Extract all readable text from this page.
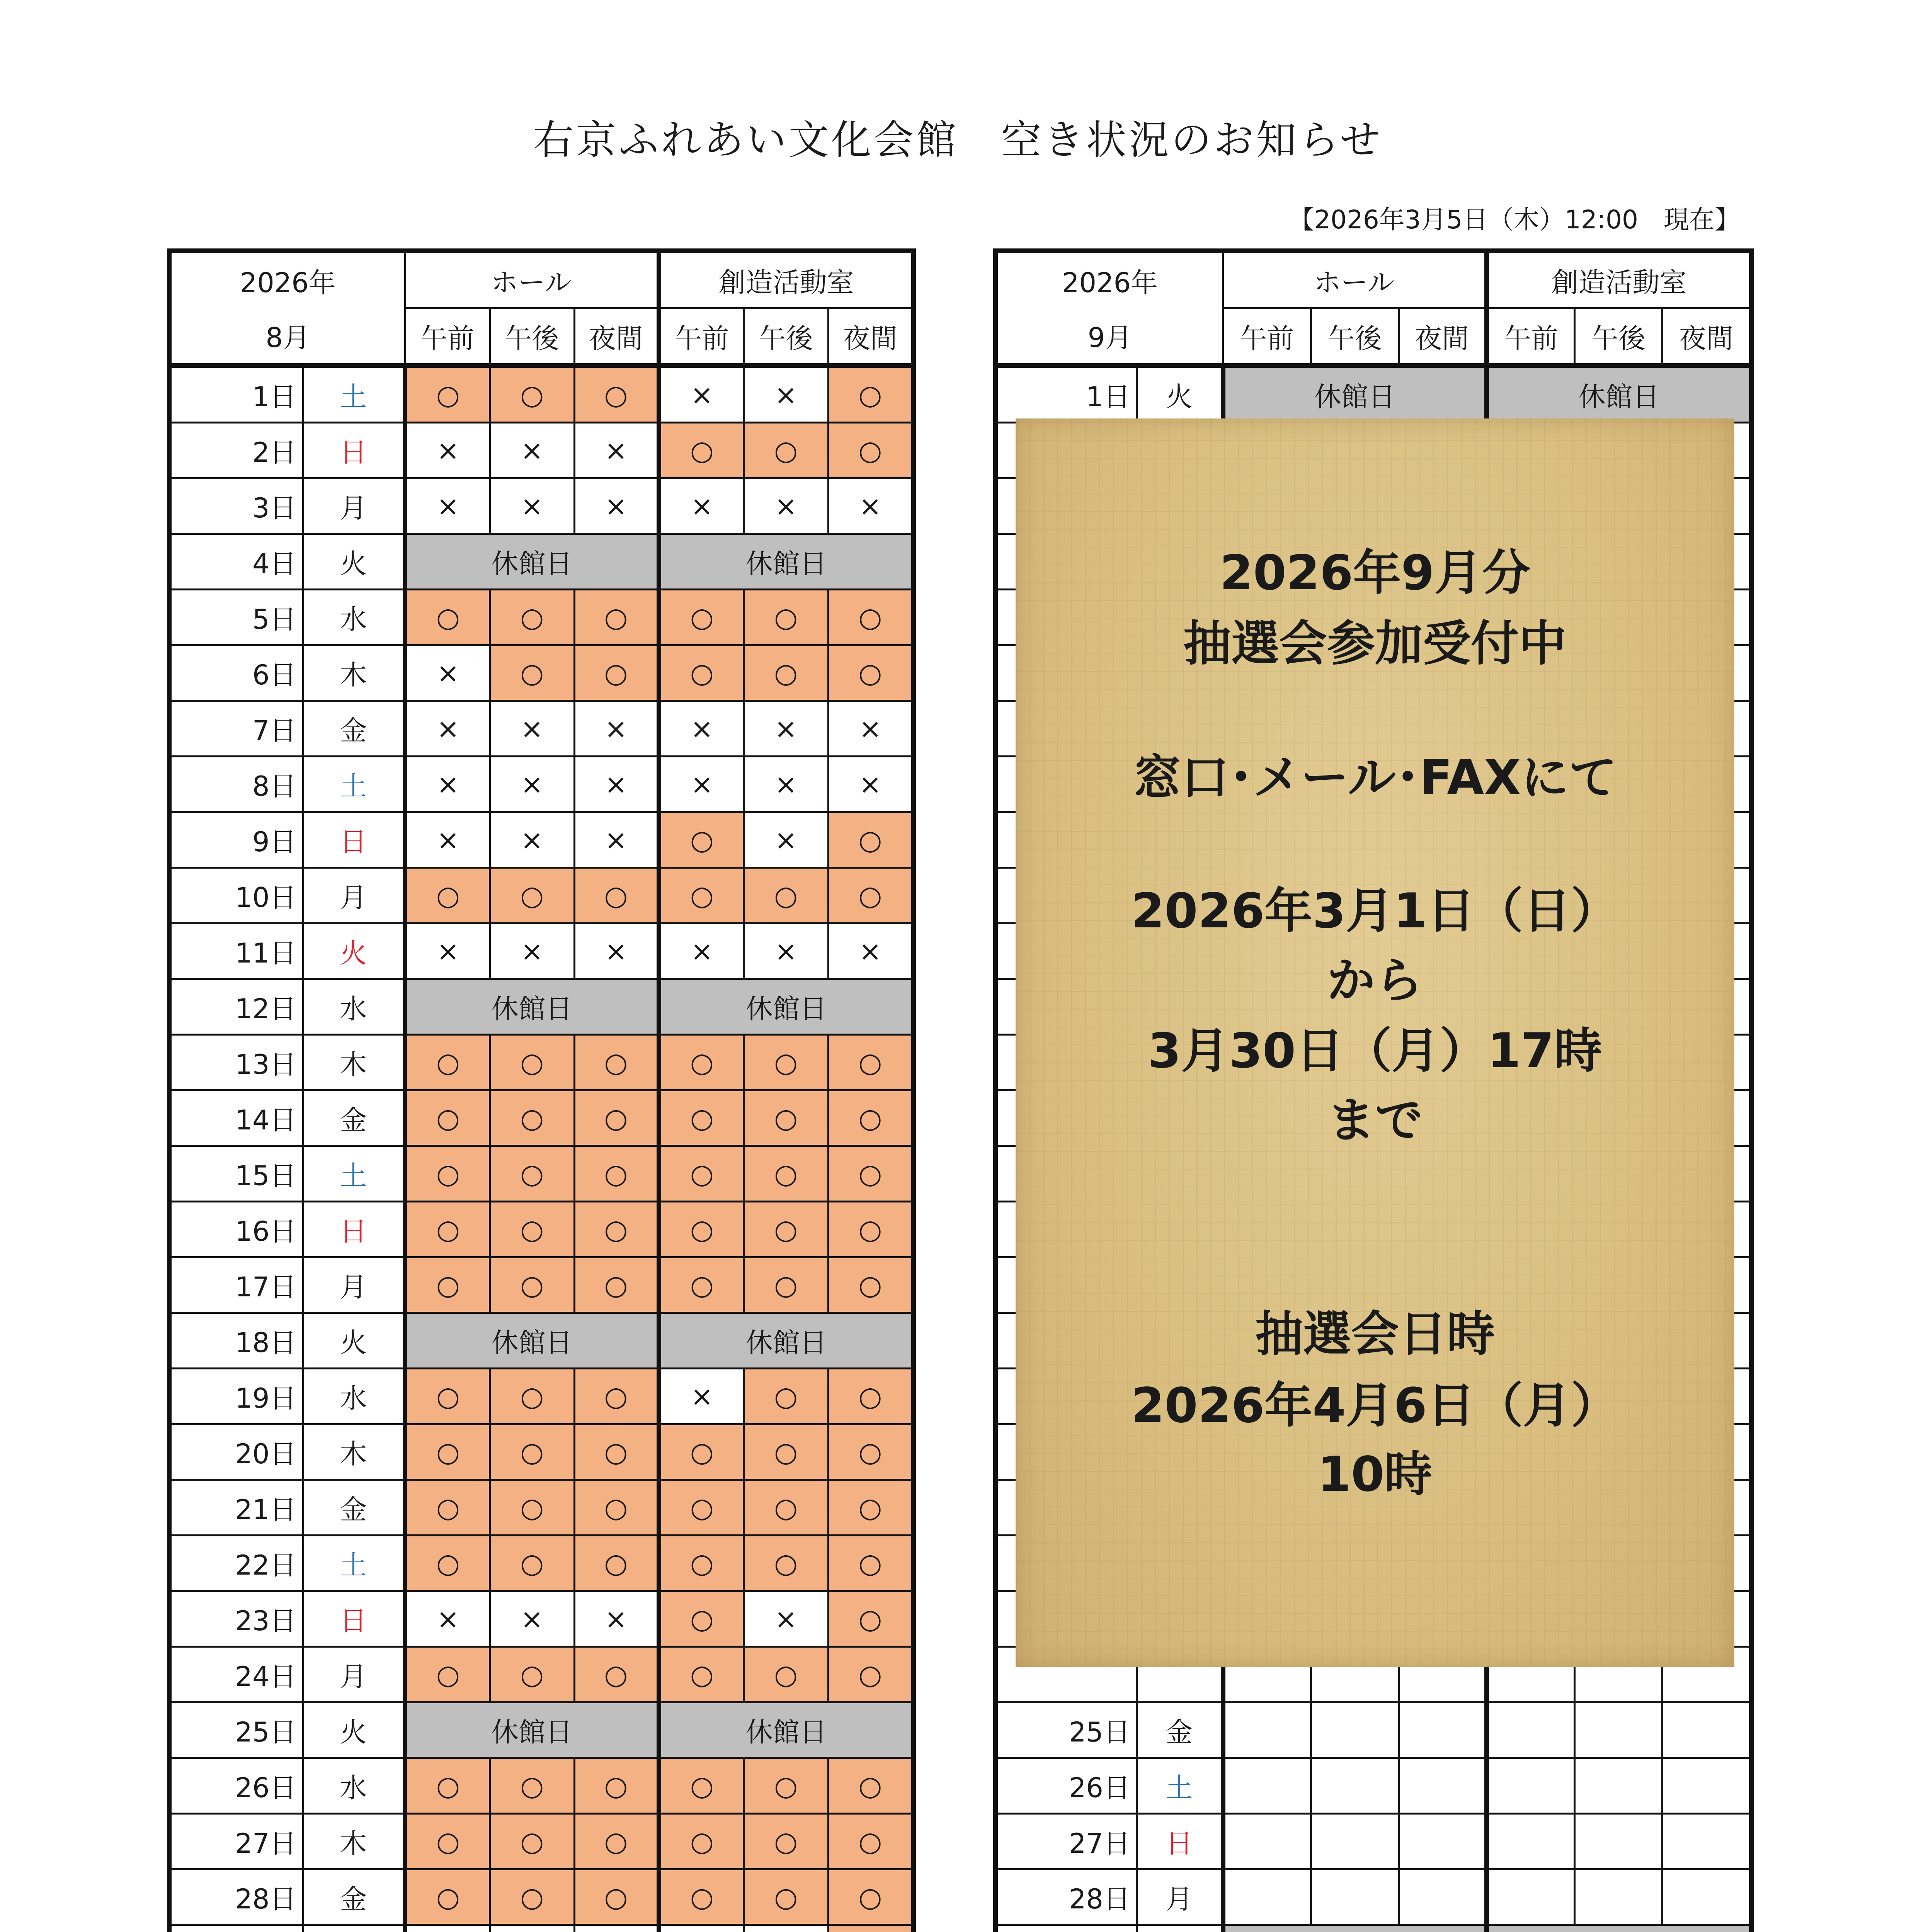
右京ふれあい文化会館　空き状況のお知らせ
【2026年3月5日（木）12:00　現在】
2026年		ホール			創造活動室		
8月		午前	午後	夜間	午前	午後	夜間
1日	土	○	○	○	×	×	○
2日	日	×	×	×	○	○	○
3日	月	×	×	×	×	×	×
4日	火	休館日			休館日		
5日	水	○	○	○	○	○	○
6日	木	×	○	○	○	○	○
7日	金	×	×	×	×	×	×
8日	土	×	×	×	×	×	×
9日	日	×	×	×	○	×	○
10日	月	○	○	○	○	○	○
11日	火	×	×	×	×	×	×
12日	水	休館日			休館日		
13日	木	○	○	○	○	○	○
14日	金	○	○	○	○	○	○
15日	土	○	○	○	○	○	○
16日	日	○	○	○	○	○	○
17日	月	○	○	○	○	○	○
18日	火	休館日			休館日		
19日	水	○	○	○	×	○	○
20日	木	○	○	○	○	○	○
21日	金	○	○	○	○	○	○
22日	土	○	○	○	○	○	○
23日	日	×	×	×	○	×	○
24日	月	○	○	○	○	○	○
25日	火	休館日			休館日		
26日	水	○	○	○	○	○	○
27日	木	○	○	○	○	○	○
28日	金	○	○	○	○	○	○

2026年		ホール			創造活動室		
9月		午前	午後	夜間	午前	午後	夜間
1日	火	休館日			休館日		

25日	金						
26日	土						
27日	日						
28日	月						

2026年9月分
抽選会参加受付中
窓口･メール･FAXにて
2026年3月1日（日）
から
3月30日（月）17時
まで
抽選会日時
2026年4月6日（月）
10時
